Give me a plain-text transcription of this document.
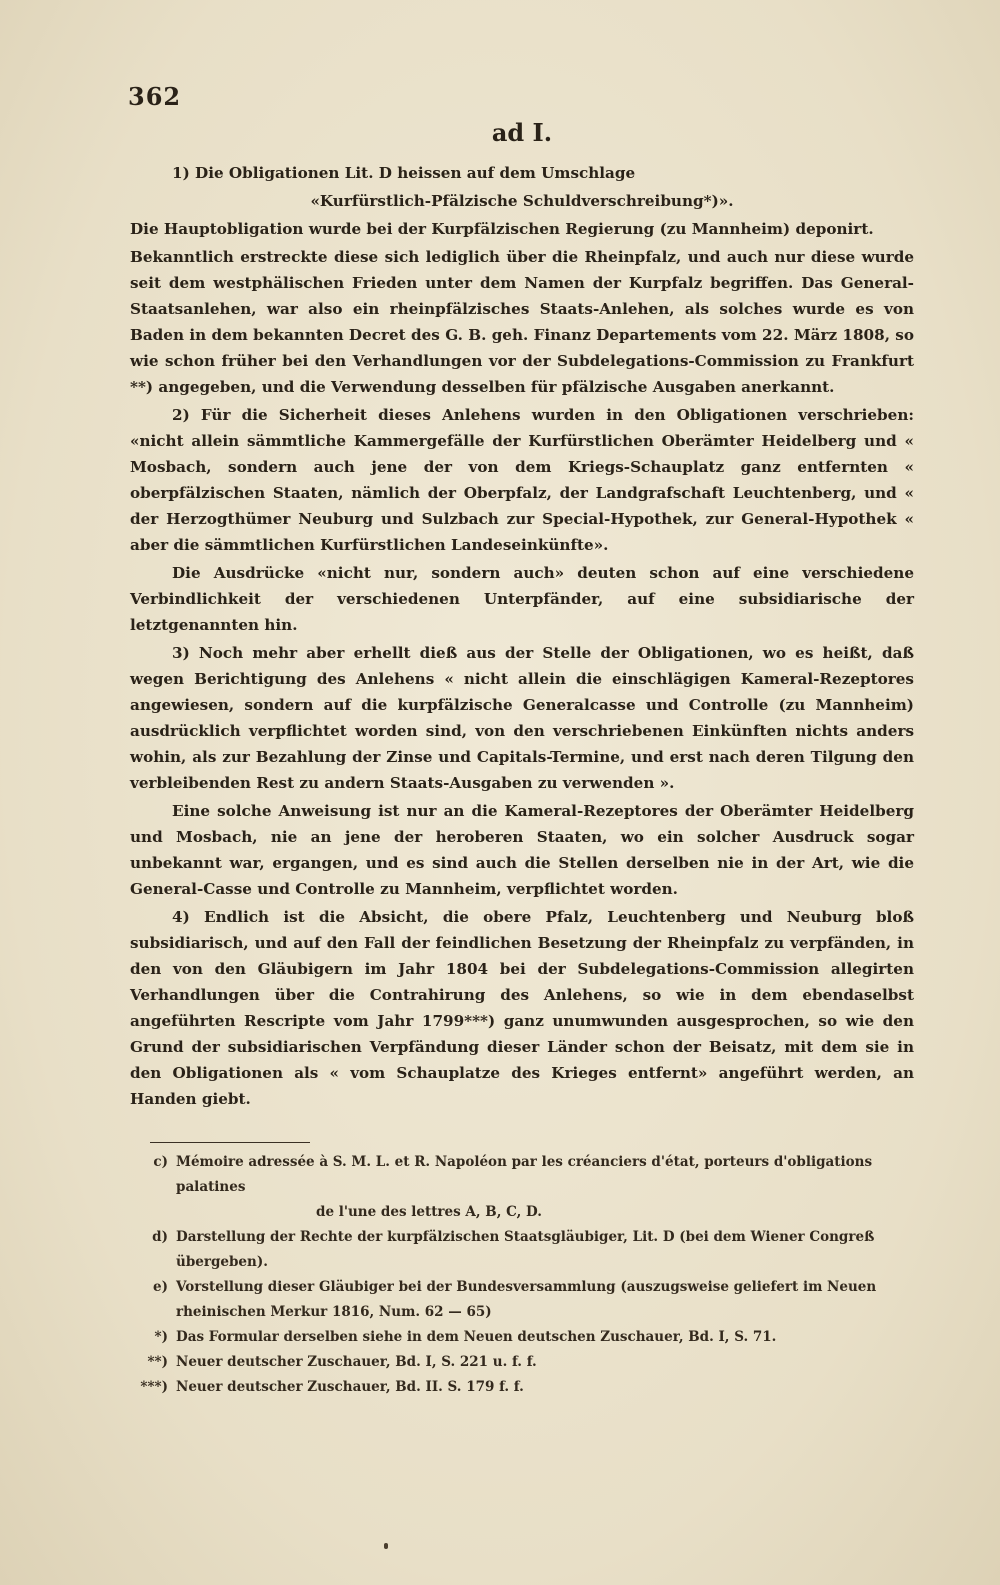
362
ad I.

1) Die Obligationen Lit. D heissen auf dem Umschlage

«Kurfürstlich-Pfälzische Schuldverschreibung*)».

Die Hauptobligation wurde bei der Kurpfälzischen Regierung (zu Mannheim) deponirt.

Bekanntlich erstreckte diese sich lediglich über die Rheinpfalz, und auch nur diese wurde seit dem westphälischen Frieden unter dem Namen der Kurpfalz begriffen. Das General-Staatsanlehen, war also ein rheinpfälzisches Staats-Anlehen, als solches wurde es von Baden in dem bekannten Decret des G. B. geh. Finanz Departements vom 22. März 1808, so wie schon früher bei den Verhandlungen vor der Subdelegations-Commission zu Frankfurt **) angegeben, und die Verwendung desselben für pfälzische Ausgaben anerkannt.

2) Für die Sicherheit dieses Anlehens wurden in den Obligationen verschrieben: «nicht allein sämmtliche Kammergefälle der Kurfürstlichen Oberämter Heidelberg und « Mosbach, sondern auch jene der von dem Kriegs-Schauplatz ganz entfernten « oberpfälzischen Staaten, nämlich der Oberpfalz, der Landgrafschaft Leuchtenberg, und « der Herzogthümer Neuburg und Sulzbach zur Special-Hypothek, zur General-Hypothek « aber die sämmtlichen Kurfürstlichen Landeseinkünfte».

Die Ausdrücke «nicht nur, sondern auch» deuten schon auf eine verschiedene Verbindlichkeit der verschiedenen Unterpfänder, auf eine subsidiarische der letztgenannten hin.

3) Noch mehr aber erhellt dieß aus der Stelle der Obligationen, wo es heißt, daß wegen Berichtigung des Anlehens « nicht allein die einschlägigen Kameral-Rezeptores angewiesen, sondern auf die kurpfälzische Generalcasse und Controlle (zu Mannheim) ausdrücklich verpflichtet worden sind, von den verschriebenen Einkünften nichts anders wohin, als zur Bezahlung der Zinse und Capitals-Termine, und erst nach deren Tilgung den verbleibenden Rest zu andern Staats-Ausgaben zu verwenden ».

Eine solche Anweisung ist nur an die Kameral-Rezeptores der Oberämter Heidelberg und Mosbach, nie an jene der heroberen Staaten, wo ein solcher Ausdruck sogar unbekannt war, ergangen, und es sind auch die Stellen derselben nie in der Art, wie die General-Casse und Controlle zu Mannheim, verpflichtet worden.

4) Endlich ist die Absicht, die obere Pfalz, Leuchtenberg und Neuburg bloß subsidiarisch, und auf den Fall der feindlichen Besetzung der Rheinpfalz zu verpfänden, in den von den Gläubigern im Jahr 1804 bei der Subdelegations-Commission allegirten Verhandlungen über die Contrahirung des Anlehens, so wie in dem ebendaselbst angeführten Rescripte vom Jahr 1799***) ganz unumwunden ausgesprochen, so wie den Grund der subsidiarischen Verpfändung dieser Länder schon der Beisatz, mit dem sie in den Obligationen als « vom Schauplatze des Krieges entfernt» angeführt werden, an Handen giebt.

c) Mémoire adressée à S. M. L. et R. Napoléon par les créanciers d'état, porteurs d'obligations palatines
de l'une des lettres A, B, C, D.
d) Darstellung der Rechte der kurpfälzischen Staatsgläubiger, Lit. D (bei dem Wiener Congreß übergeben).
e) Vorstellung dieser Gläubiger bei der Bundesversammlung (auszugsweise geliefert im Neuen rheinischen Merkur 1816, Num. 62 — 65)
*) Das Formular derselben siehe in dem Neuen deutschen Zuschauer, Bd. I, S. 71.
**) Neuer deutscher Zuschauer, Bd. I, S. 221 u. f. f.
***) Neuer deutscher Zuschauer, Bd. II. S. 179 f. f.
